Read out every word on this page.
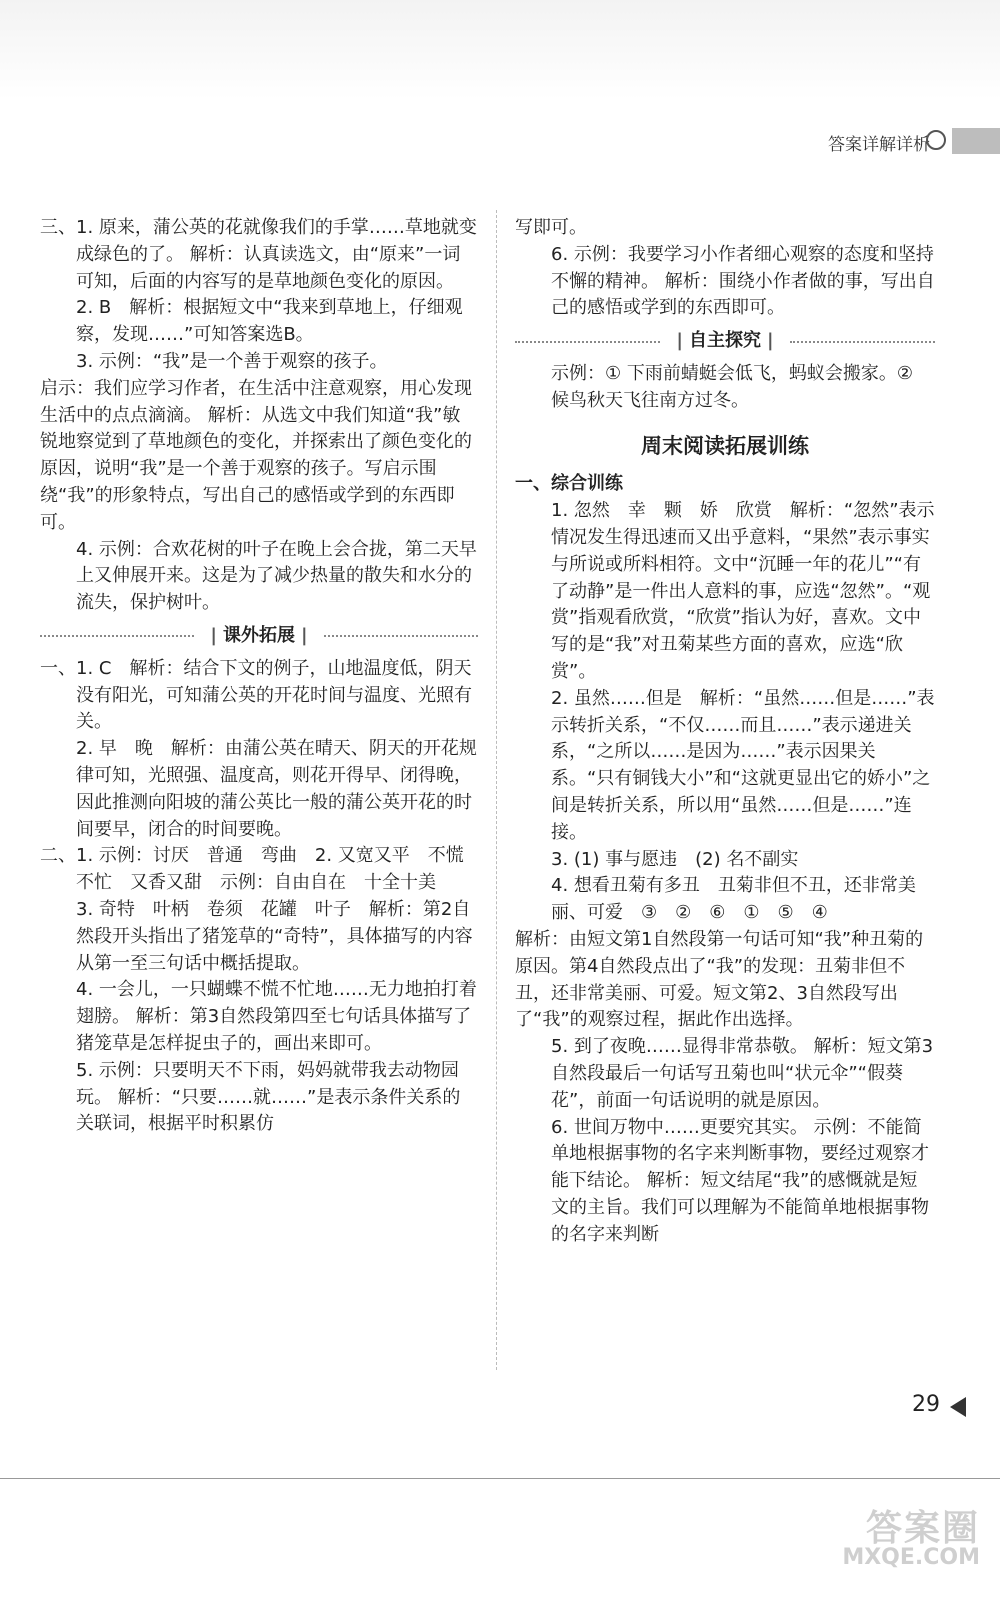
答案详解详析

三、1. 原来，蒲公英的花就像我们的手掌……草地就变成绿色的了。 解析：认真读选文，由“原来”一词可知，后面的内容写的是草地颜色变化的原因。

2. B　解析：根据短文中“我来到草地上，仔细观察，发现……”可知答案选B。

3. 示例：“我”是一个善于观察的孩子。

启示：我们应学习作者，在生活中注意观察，用心发现生活中的点点滴滴。 解析：从选文中我们知道“我”敏锐地察觉到了草地颜色的变化，并探索出了颜色变化的原因，说明“我”是一个善于观察的孩子。写启示围绕“我”的形象特点，写出自己的感悟或学到的东西即可。

4. 示例：合欢花树的叶子在晚上会合拢，第二天早上又伸展开来。这是为了减少热量的散失和水分的流失，保护树叶。

| 课外拓展 |

一、1. C　解析：结合下文的例子，山地温度低，阴天没有阳光，可知蒲公英的开花时间与温度、光照有关。

2. 早　晚　解析：由蒲公英在晴天、阴天的开花规律可知，光照强、温度高，则花开得早、闭得晚，因此推测向阳坡的蒲公英比一般的蒲公英开花的时间要早，闭合的时间要晚。

二、1. 示例：讨厌　普通　弯曲　2. 又宽又平　不慌不忙　又香又甜　示例：自由自在　十全十美

3. 奇特　叶柄　卷须　花罐　叶子　解析：第2自然段开头指出了猪笼草的“奇特”，具体描写的内容从第一至三句话中概括提取。

4. 一会儿，一只蝴蝶不慌不忙地……无力地拍打着翅膀。 解析：第3自然段第四至七句话具体描写了猪笼草是怎样捉虫子的，画出来即可。

5. 示例：只要明天不下雨，妈妈就带我去动物园玩。 解析：“只要……就……”是表示条件关系的关联词，根据平时积累仿

写即可。

6. 示例：我要学习小作者细心观察的态度和坚持不懈的精神。 解析：围绕小作者做的事，写出自己的感悟或学到的东西即可。

| 自主探究 |

示例：① 下雨前蜻蜓会低飞，蚂蚁会搬家。② 候鸟秋天飞往南方过冬。

周末阅读拓展训练
一、综合训练

1. 忽然　幸　颗　娇　欣赏　解析：“忽然”表示情况发生得迅速而又出乎意料，“果然”表示事实与所说或所料相符。文中“沉睡一年的花儿”“有了动静”是一件出人意料的事，应选“忽然”。“观赏”指观看欣赏，“欣赏”指认为好，喜欢。文中写的是“我”对丑菊某些方面的喜欢，应选“欣赏”。

2. 虽然……但是　解析：“虽然……但是……”表示转折关系，“不仅……而且……”表示递进关系，“之所以……是因为……”表示因果关系。“只有铜钱大小”和“这就更显出它的娇小”之间是转折关系，所以用“虽然……但是……”连接。

3. (1) 事与愿违　(2) 名不副实

4. 想看丑菊有多丑　丑菊非但不丑，还非常美丽、可爱　③　②　⑥　①　⑤　④

解析：由短文第1自然段第一句话可知“我”种丑菊的原因。第4自然段点出了“我”的发现：丑菊非但不丑，还非常美丽、可爱。短文第2、3自然段写出了“我”的观察过程，据此作出选择。

5. 到了夜晚……显得非常恭敬。 解析：短文第3自然段最后一句话写丑菊也叫“状元伞”“假葵花”，前面一句话说明的就是原因。

6. 世间万物中……更要究其实。 示例：不能简单地根据事物的名字来判断事物，要经过观察才能下结论。 解析：短文结尾“我”的感慨就是短文的主旨。我们可以理解为不能简单地根据事物的名字来判断

29
答案圈
MXQE.COM
